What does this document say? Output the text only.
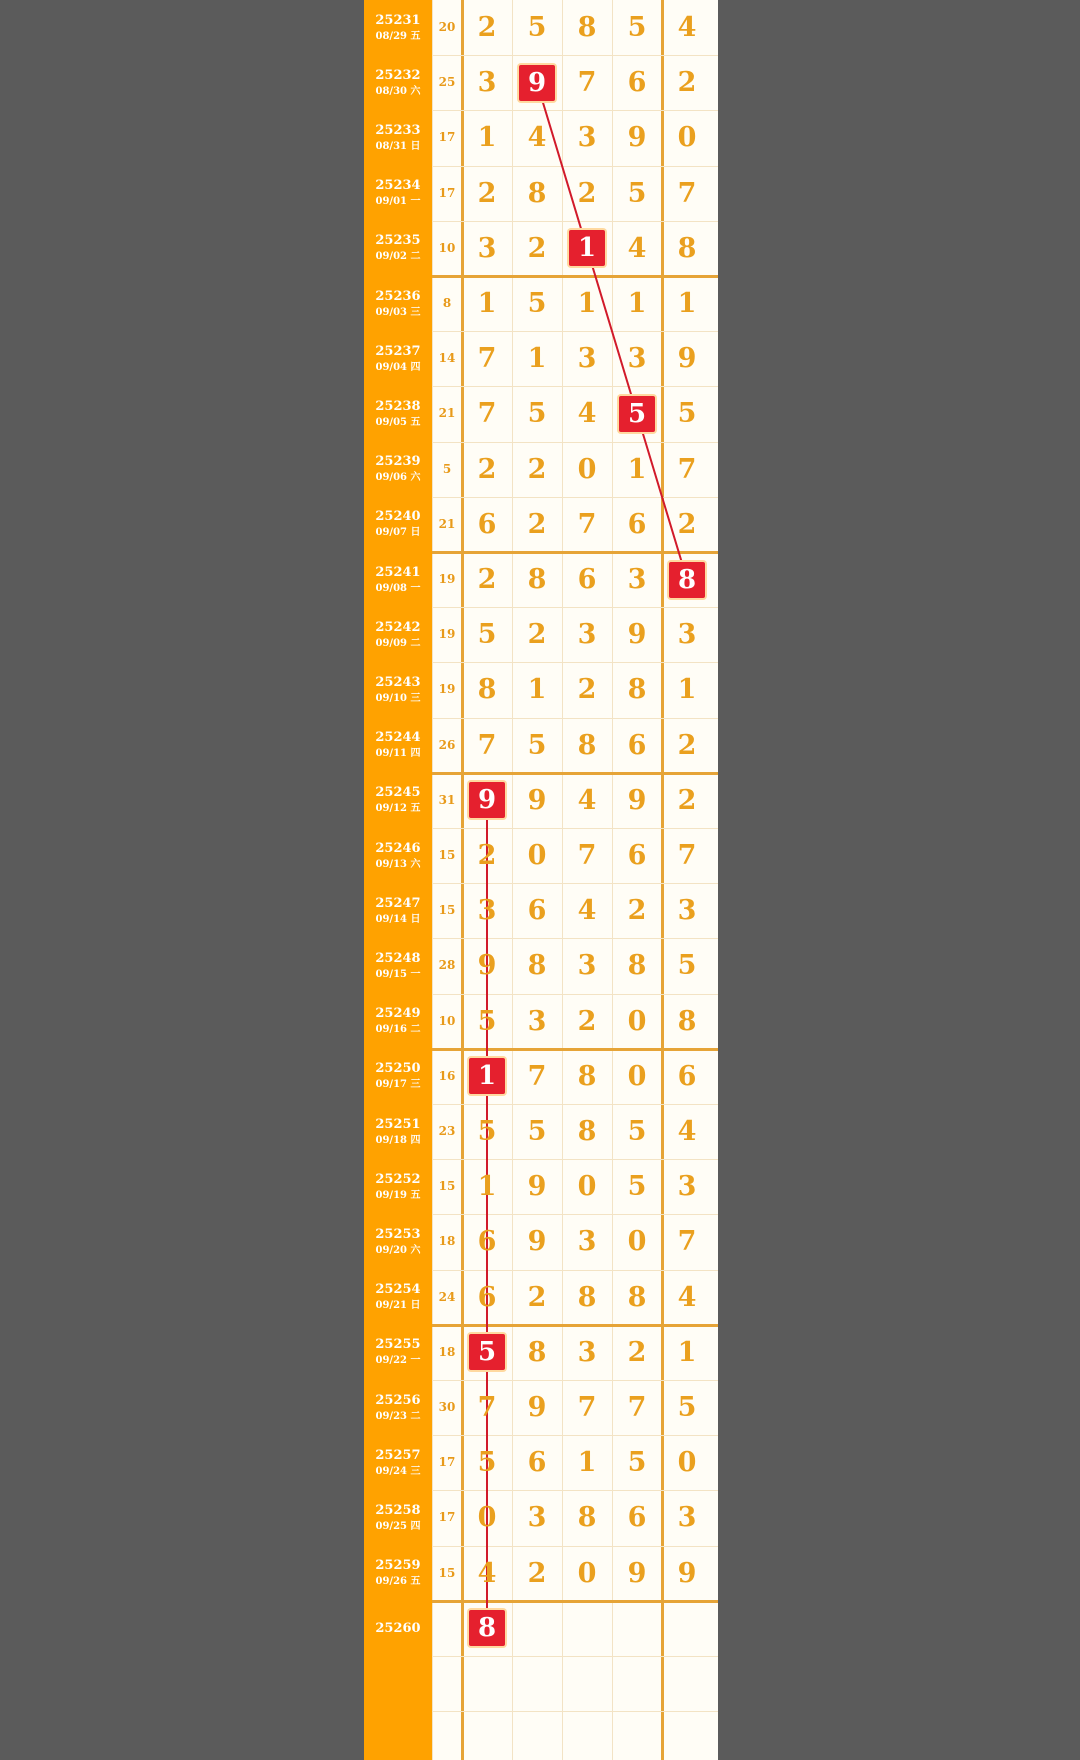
25231
08/29 五
20 2	5	8	5	4
25232
08/30 六
25 3	9	7	6	2
25233
08/31 日
17 1	4	3	9	0
25234
09/01 一
17 2	8	2	5	7
25235
09/02 二
10 3	2	1	4	8
25236
09/03 三
8 1	5	1	1	1
25237
09/04 四
14 7	1	3	3	9
25238
09/05 五
21 7	5	4	5	5
25239
09/06 六
5 2	2	0	1	7
25240
09/07 日
21 6	2	7	6	2
25241
09/08 一
19 2	8	6	3	8
25242
09/09 二
19 5	2	3	9	3
25243
09/10 三
19 8	1	2	8	1
25244
09/11 四
26 7	5	8	6	2
25245
09/12 五
31 9	9	4	9	2
25246
09/13 六
15 2	0	7	6	7
25247
09/14 日
15 3	6	4	2	3
25248
09/15 一
28 9	8	3	8	5
25249
09/16 二
10 5	3	2	0	8
25250
09/17 三
16 1	7	8	0	6
25251
09/18 四
23 5	5	8	5	4
25252
09/19 五
15 1	9	0	5	3
25253
09/20 六
18 6	9	3	0	7
25254
09/21 日
24 6	2	8	8	4
25255
09/22 一
18 5	8	3	2	1
25256
09/23 二
30 7	9	7	7	5
25257
09/24 三
17 5	6	1	5	0
25258
09/25 四
17 0	3	8	6	3
25259
09/26 五
15 4	2	0	9	9
25260	8
